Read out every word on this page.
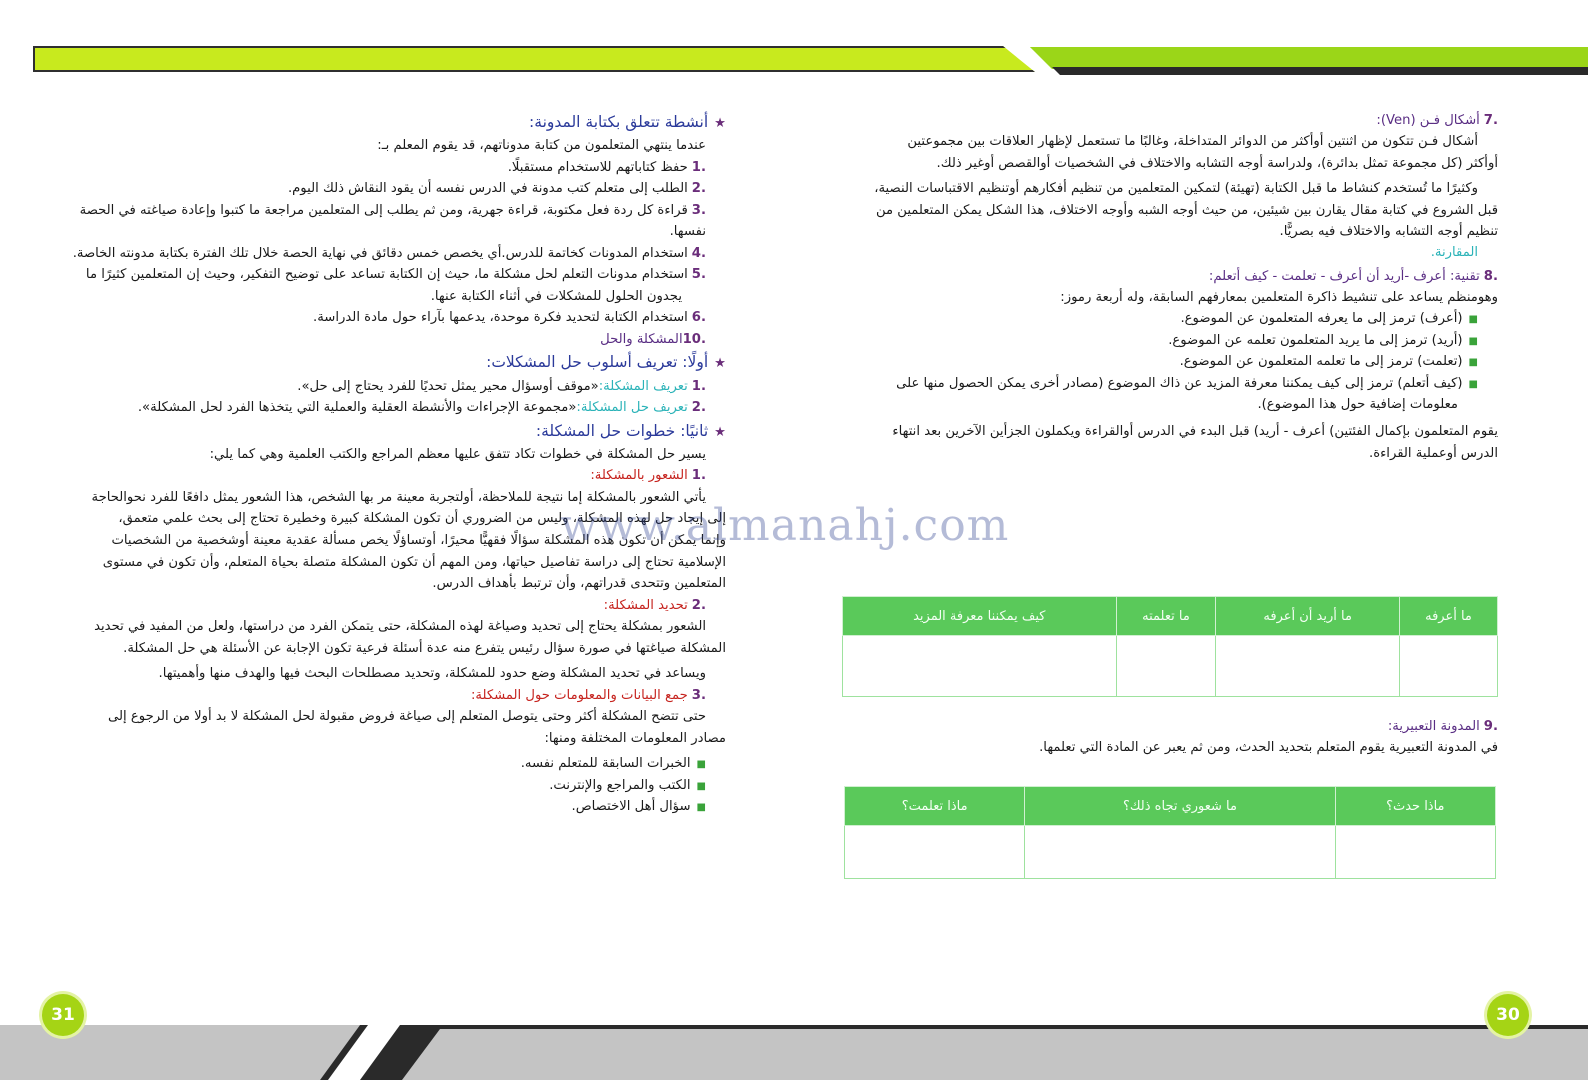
31	30

.7أشكال فـن (Ven):

أشكال فـن تتكون من اثنتين أوأكثر من الدوائر المتداخلة، وغالبًا ما تستعمل لإظهار العلاقات بين مجموعتين

أوأكثر (كل مجموعة تمثل بدائرة)، ولدراسة أوجه التشابه والاختلاف في الشخصيات أوالقصص أوغير ذلك.

وكثيرًا ما تُستخدم كنشاط ما قبل الكتابة (تهيئة) لتمكين المتعلمين من تنظيم أفكارهم أوتنظيم الاقتباسات النصية،

قبل الشروع في كتابة مقال يقارن بين شيئين، من حيث أوجه الشبه وأوجه الاختلاف، هذا الشكل يمكن المتعلمين من

تنظيم أوجه التشابه والاختلاف فيه بصريًّا.

المقارنة.

.8تقنية: أعرف -أريد أن أعرف - تعلمت - كيف أتعلم:

وهومنظم يساعد على تنشيط ذاكرة المتعلمين بمعارفهم السابقة، وله أربعة رموز:

■(أعرف) ترمز إلى ما يعرفه المتعلمون عن الموضوع.

■(أريد) ترمز إلى ما يريد المتعلمون تعلمه عن الموضوع.

■(تعلمت) ترمز إلى ما تعلمه المتعلمون عن الموضوع.

■(كيف أتعلم) ترمز إلى كيف يمكننا معرفة المزيد عن ذاك الموضوع (مصادر أخرى يمكن الحصول منها على

معلومات إضافية حول هذا الموضوع).

يقوم المتعلمون بإكمال الفئتين) أعرف - أريد) قبل البدء في الدرس أوالقراءة ويكملون الجزأين الآخرين بعد انتهاء

الدرس أوعملية القراءة.

ما أعرفه	ما أريد أن أعرفه	ما تعلمته	كيف يمكننا معرفة المزيد

.9المدونة التعبيرية:

في المدونة التعبيرية يقوم المتعلم بتحديد الحدث، ومن ثم يعبر عن المادة التي تعلمها.

ماذا حدث؟	ما شعوري تجاه ذلك؟	ماذا تعلمت؟

★أنشطة تتعلق بكتابة المدونة:

عندما ينتهي المتعلمون من كتابة مدوناتهم، قد يقوم المعلم بـ:

.1حفظ كتاباتهم للاستخدام مستقبلًا.

.2الطلب إلى متعلم كتب مدونة في الدرس نفسه أن يقود النقاش ذلك اليوم.

.3قراءة كل ردة فعل مكتوبة، قراءة جهرية، ومن ثم يطلب إلى المتعلمين مراجعة ما كتبوا وإعادة صياغته في الحصة نفسها.

.4استخدام المدونات كخاتمة للدرس.أي يخصص خمس دقائق في نهاية الحصة خلال تلك الفترة بكتابة مدونته الخاصة.

.5استخدام مدونات التعلم لحل مشكلة ما، حيث إن الكتابة تساعد على توضيح التفكير، وحيث إن المتعلمين كثيرًا ما

يجدون الحلول للمشكلات في أثناء الكتابة عنها.

.6استخدام الكتابة لتحديد فكرة موحدة، يدعمها بآراء حول مادة الدراسة.

.10المشكلة والحل

★أولًا: تعريف أسلوب حل المشكلات:

.1تعريف المشكلة:«موقف أوسؤال محير يمثل تحديًا للفرد يحتاج إلى حل».

.2تعريف حل المشكلة:«مجموعة الإجراءات والأنشطة العقلية والعملية التي يتخذها الفرد لحل المشكلة».

★ثانيًا: خطوات حل المشكلة:

يسير حل المشكلة في خطوات تكاد تتفق عليها معظم المراجع والكتب العلمية وهي كما يلي:

.1الشعور بالمشكلة:

يأتي الشعور بالمشكلة إما نتيجة للملاحظة، أولتجربة معينة مر بها الشخص، هذا الشعور يمثل دافعًا للفرد نحوالحاجة

إلى إيجاد حل لهذه المشكلة، وليس من الضروري أن تكون المشكلة كبيرة وخطيرة تحتاج إلى بحث علمي متعمق،

وإنما يمكن أن تكون هذه المشكلة سؤالًا فقهيًّا محيرًا، أوتساؤلًا يخص مسألة عقدية معينة أوشخصية من الشخصيات

الإسلامية تحتاج إلى دراسة تفاصيل حياتها، ومن المهم أن تكون المشكلة متصلة بحياة المتعلم، وأن تكون في مستوى

المتعلمين وتتحدى قدراتهم، وأن ترتبط بأهداف الدرس.

.2تحديد المشكلة:

الشعور بمشكلة يحتاج إلى تحديد وصياغة لهذه المشكلة، حتى يتمكن الفرد من دراستها، ولعل من المفيد في تحديد

المشكلة صياغتها في صورة سؤال رئيس يتفرع منه عدة أسئلة فرعية تكون الإجابة عن الأسئلة هي حل المشكلة.

ويساعد في تحديد المشكلة وضع حدود للمشكلة، وتحديد مصطلحات البحث فيها والهدف منها وأهميتها.

.3جمع البيانات والمعلومات حول المشكلة:

حتى تتضح المشكلة أكثر وحتى يتوصل المتعلم إلى صياغة فروض مقبولة لحل المشكلة لا بد أولا من الرجوع إلى

مصادر المعلومات المختلفة ومنها:

■الخبرات السابقة للمتعلم نفسه.

■الكتب والمراجع والإنترنت.

■سؤال أهل الاختصاص.

www.almanahj.com
